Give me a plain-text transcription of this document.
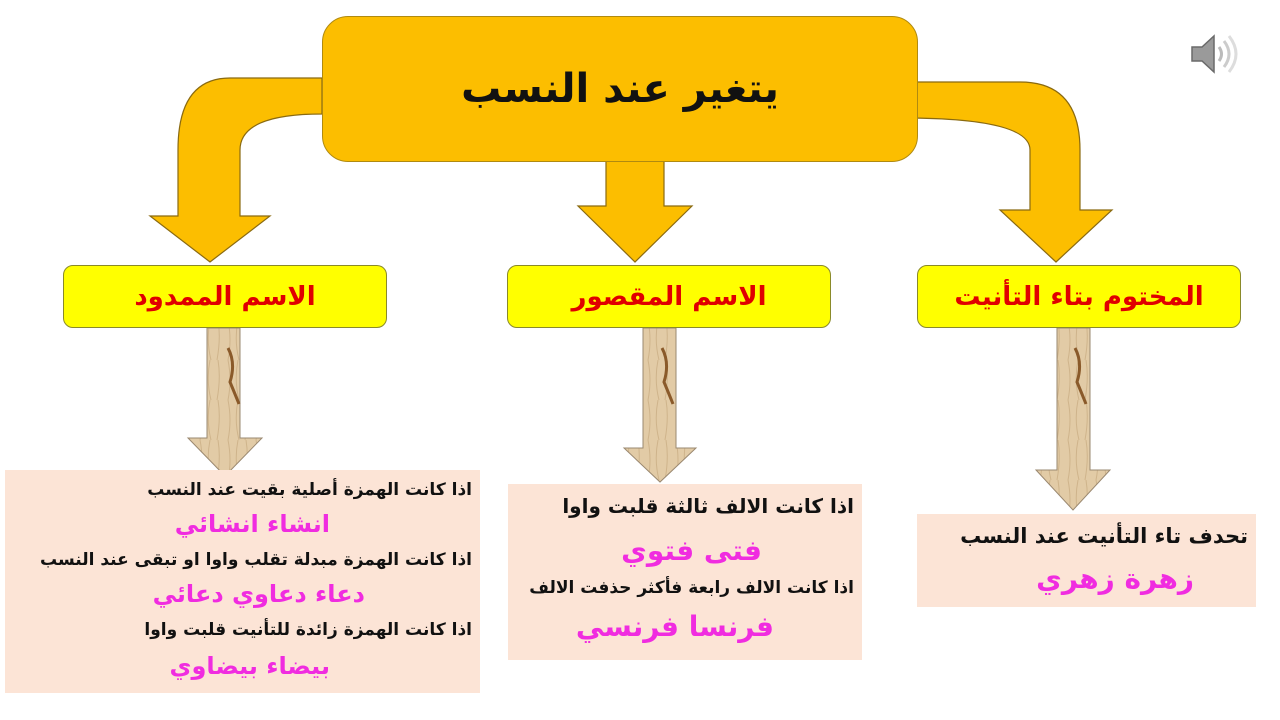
يتغير عند النسب
الاسم الممدود	الاسم المقصور	المختوم بتاء التأنيت
اذا كانت الهمزة أصلية بقيت عند النسب
انشاء انشائي
اذا كانت الهمزة مبدلة تقلب واوا او تبقى عند النسب
دعاء دعاوي دعائي
اذا كانت الهمزة زائدة للتأنيت قلبت واوا
بيضاء بيضاوي
اذا كانت الالف ثالثة قلبت واوا
فتى فتوي
اذا كانت الالف رابعة فأكثر حذفت الالف
فرنسا فرنسي
تحدف تاء التأنيت عند النسب
زهرة زهري
